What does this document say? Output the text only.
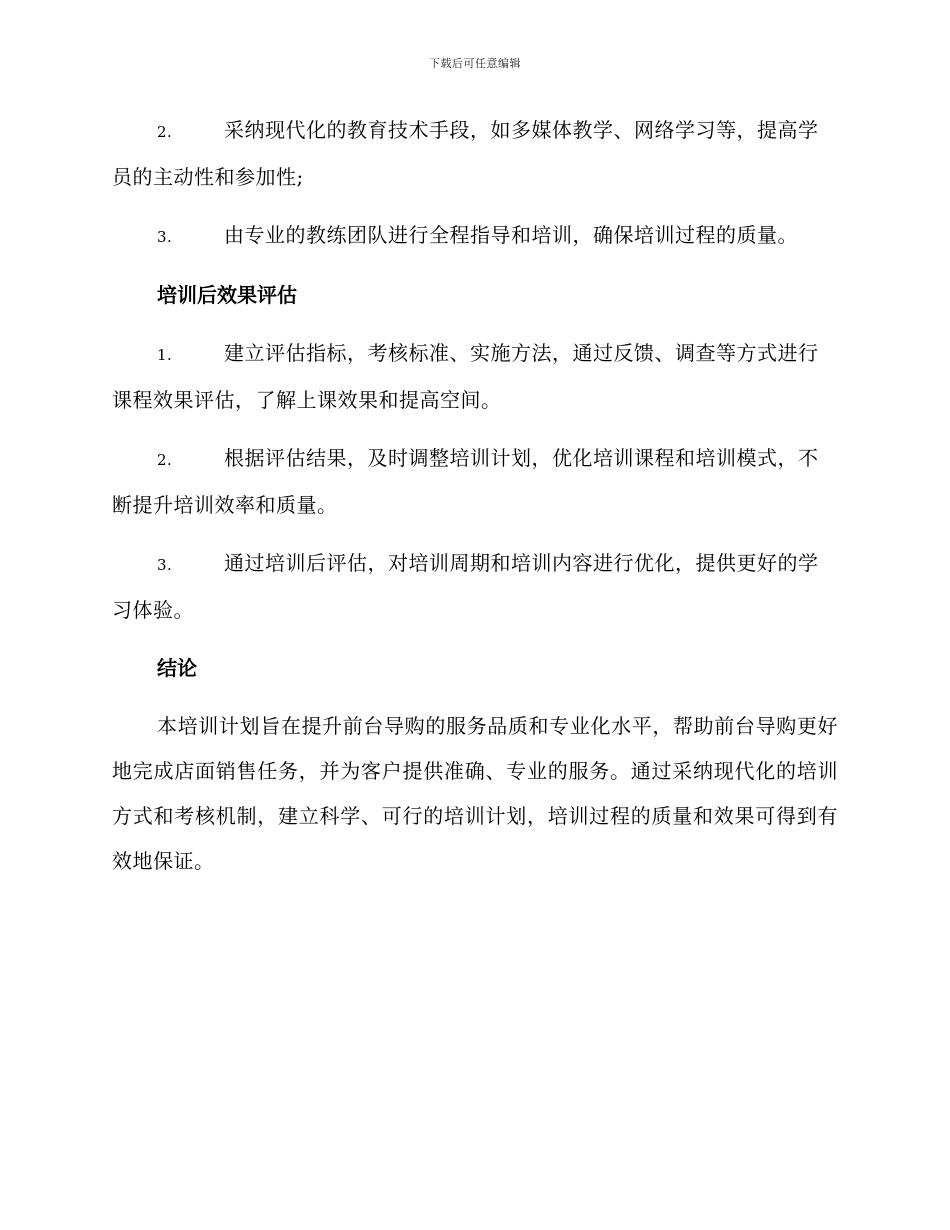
下载后可任意编辑

2.	采纳现代化的教育技术手段，如多媒体教学、网络学习等，提高学员的主动性和参加性;

3.	由专业的教练团队进行全程指导和培训，确保培训过程的质量。

培训后效果评估

1.	建立评估指标，考核标准、实施方法，通过反馈、调查等方式进行课程效果评估，了解上课效果和提高空间。

2.	根据评估结果，及时调整培训计划，优化培训课程和培训模式，不断提升培训效率和质量。

3.	通过培训后评估，对培训周期和培训内容进行优化，提供更好的学习体验。

结论

本培训计划旨在提升前台导购的服务品质和专业化水平，帮助前台导购更好地完成店面销售任务，并为客户提供准确、专业的服务。通过采纳现代化的培训方式和考核机制，建立科学、可行的培训计划，培训过程的质量和效果可得到有效地保证。
